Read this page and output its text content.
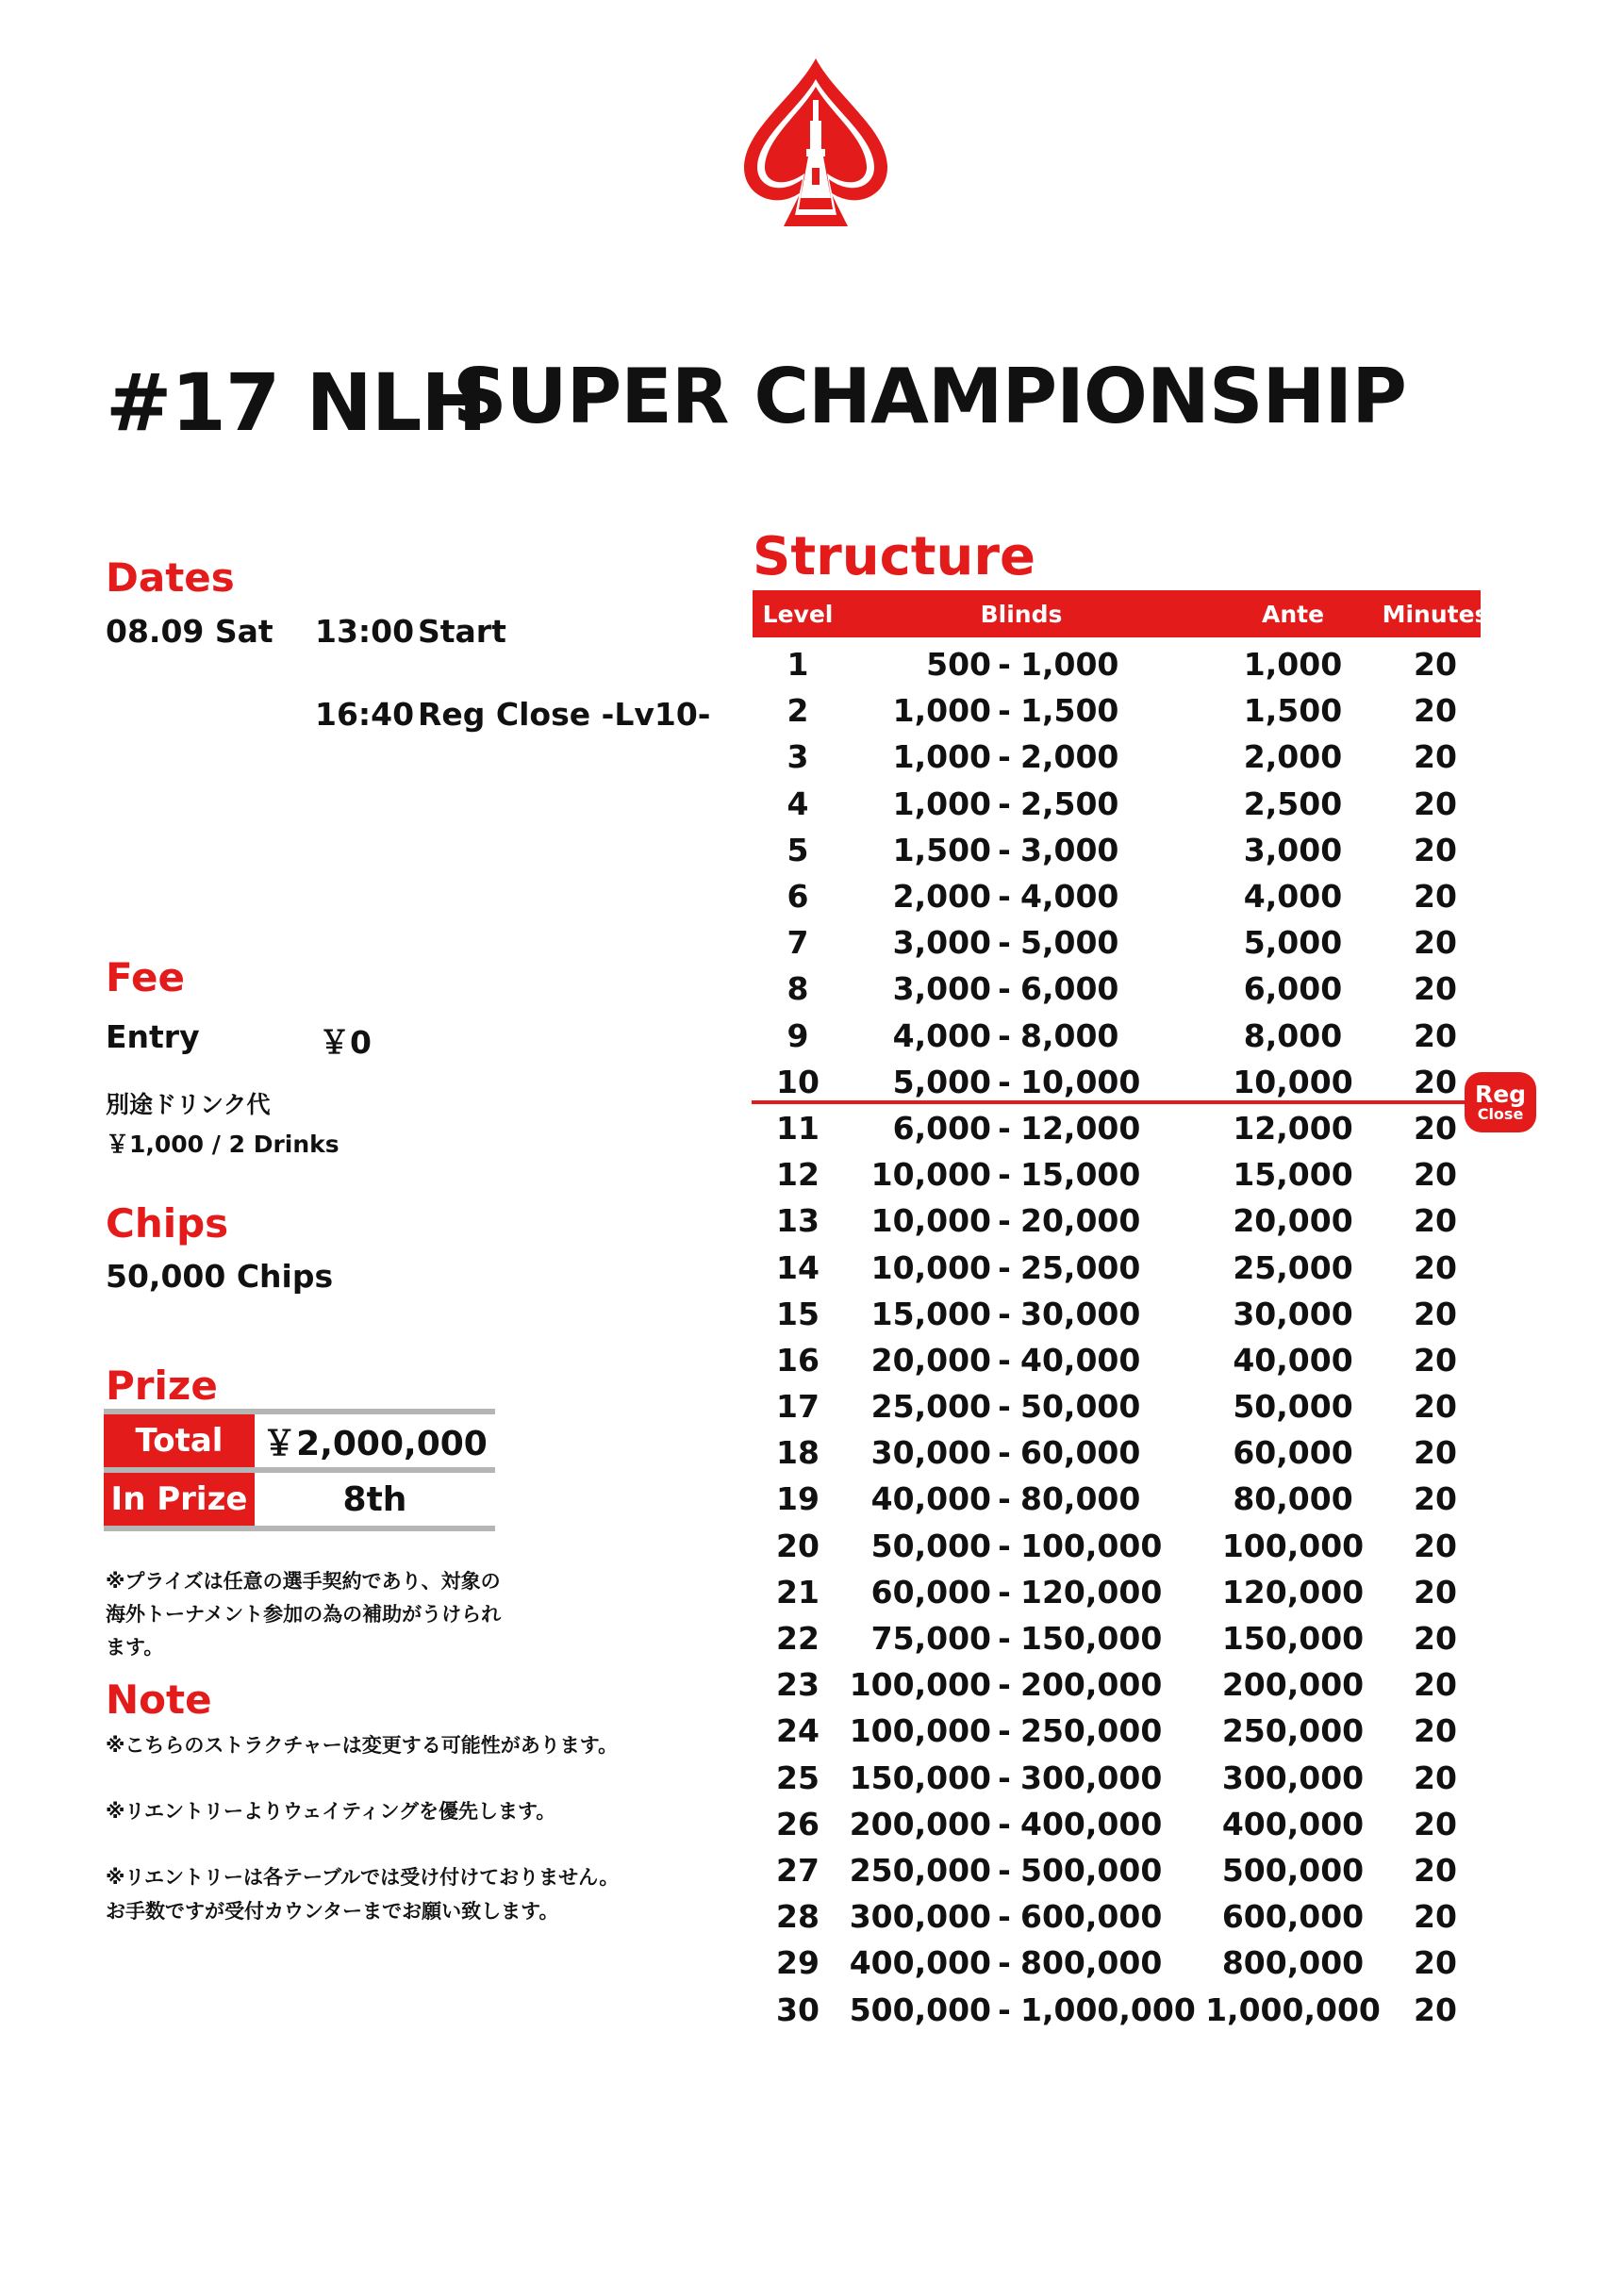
#17 NLH
SUPER CHAMPIONSHIP
Dates
08.09 Sat 13:00 Start
16:40 Reg Close -Lv10-
Fee
Entry	￥0
別途ドリンク代
￥1,000 / 2 Drinks
Chips
50,000 Chips
Prize
Total	￥2,000,000
In Prize	8th
※プライズは任意の選手契約であり、対象の
海外トーナメント参加の為の補助がうけられ
ます。
Note
※こちらのストラクチャーは変更する可能性があります。
※リエントリーよりウェイティングを優先します。
※リエントリーは各テーブルでは受け付けておりません。
お手数ですが受付カウンターまでお願い致します。
Structure
Level	Blinds	Ante	Minutes
1	500 - 1,000	1,000	20
2	1,000 - 1,500	1,500	20
3	1,000 - 2,000	2,000	20
4	1,000 - 2,500	2,500	20
5	1,500 - 3,000	3,000	20
6	2,000 - 4,000	4,000	20
7	3,000 - 5,000	5,000	20
8	3,000 - 6,000	6,000	20
9	4,000 - 8,000	8,000	20
10	5,000 - 10,000	10,000	20
11	6,000 - 12,000	12,000	20
12	10,000 - 15,000	15,000	20
13	10,000 - 20,000	20,000	20
14	10,000 - 25,000	25,000	20
15	15,000 - 30,000	30,000	20
16	20,000 - 40,000	40,000	20
17	25,000 - 50,000	50,000	20
18	30,000 - 60,000	60,000	20
19	40,000 - 80,000	80,000	20
20	50,000 - 100,000	100,000	20
21	60,000 - 120,000	120,000	20
22	75,000 - 150,000	150,000	20
23 100,000 - 200,000	200,000	20
24 100,000 - 250,000	250,000	20
25 150,000 - 300,000	300,000	20
26 200,000 - 400,000	400,000	20
27 250,000 - 500,000	500,000	20
28 300,000 - 600,000	600,000	20
29 400,000 - 800,000	800,000	20
30 500,000 - 1,000,000 1,000,000	20
Reg
Close
